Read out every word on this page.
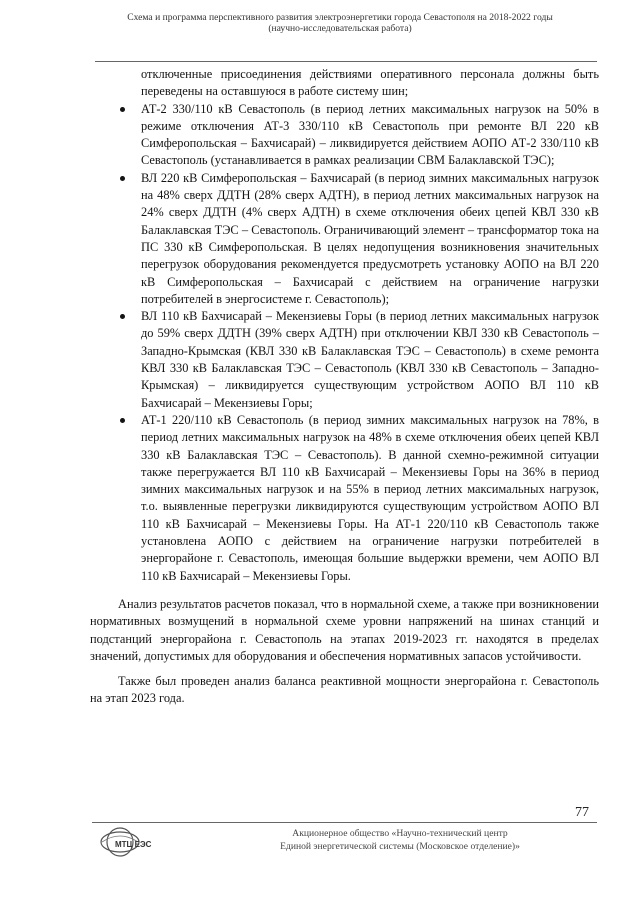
Схема и программа перспективного развития электроэнергетики города Севастополя на 2018-2022 годы
(научно-исследовательская работа)

отключенные присоединения действиями оперативного персонала должны быть переведены на оставшуюся в работе систему шин;

АТ-2 330/110 кВ Севастополь (в период летних максимальных нагрузок на 50% в режиме отключения АТ-3 330/110 кВ Севастополь при ремонте ВЛ 220 кВ Симферопольская – Бахчисарай) – ликвидируется действием АОПО АТ-2 330/110 кВ Севастополь (устанавливается в рамках реализации СВМ Балаклавской ТЭС);
ВЛ 220 кВ Симферопольская – Бахчисарай (в период зимних максимальных нагрузок на 48% сверх ДДТН (28% сверх АДТН), в период летних максимальных нагрузок на 24% сверх ДДТН (4% сверх АДТН) в схеме отключения обеих цепей КВЛ 330 кВ Балаклавская ТЭС – Севастополь. Ограничивающий элемент – трансформатор тока на ПС 330 кВ Симферопольская. В целях недопущения возникновения значительных перегрузок оборудования рекомендуется предусмотреть установку АОПО на ВЛ 220 кВ Симферопольская – Бахчисарай с действием на ограничение нагрузки потребителей в энергосистеме г. Севастополь);
ВЛ 110 кВ Бахчисарай – Мекензиевы Горы (в период летних максимальных нагрузок до 59% сверх ДДТН (39% сверх АДТН) при отключении КВЛ 330 кВ Севастополь – Западно-Крымская (КВЛ 330 кВ Балаклавская ТЭС – Севастополь) в схеме ремонта КВЛ 330 кВ Балаклавская ТЭС – Севастополь (КВЛ 330 кВ Севастополь – Западно-Крымская) – ликвидируется существующим устройством АОПО ВЛ 110 кВ Бахчисарай – Мекензиевы Горы;
АТ-1 220/110 кВ Севастополь (в период зимних максимальных нагрузок на 78%, в период летних максимальных нагрузок на 48% в схеме отключения обеих цепей КВЛ 330 кВ Балаклавская ТЭС – Севастополь). В данной схемно-режимной ситуации также перегружается ВЛ 110 кВ Бахчисарай – Мекензиевы Горы на 36% в период зимних максимальных нагрузок и на 55% в период летних максимальных нагрузок, т.о. выявленные перегрузки ликвидируются существующим устройством АОПО ВЛ 110 кВ Бахчисарай – Мекензиевы Горы. На АТ-1 220/110 кВ Севастополь также установлена АОПО с действием на ограничение нагрузки потребителей в энергорайоне г. Севастополь, имеющая большие выдержки времени, чем АОПО ВЛ 110 кВ Бахчисарай – Мекензиевы Горы.

Анализ результатов расчетов показал, что в нормальной схеме, а также при возникновении нормативных возмущений в нормальной схеме уровни напряжений на шинах станций и подстанций энергорайона г. Севастополь на этапах 2019-2023 гг. находятся в пределах значений, допустимых для оборудования и обеспечения нормативных запасов устойчивости.

Также был проведен анализ баланса реактивной мощности энергорайона г. Севастополь на этап 2023 года.

77
МТЦ ЕЭС
Акционерное общество «Научно-технический центр
Единой энергетической системы (Московское отделение)»
